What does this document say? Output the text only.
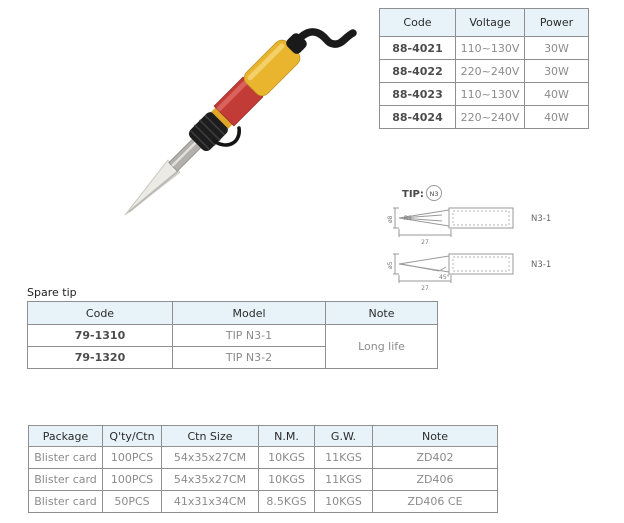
Code	Voltage	Power
88-4021	110~130V	30W
88-4022	220~240V	30W
88-4023	110~130V	40W
88-4024	220~240V	40W
TIP: N3
ø8 R1
27
N3-1
ø5
45°
27
N3-1
Spare tip
Code	Model	Note
79-1310	TIP N3-1	Long life
79-1320	TIP N3-2	
Package	Q'ty/Ctn	Ctn Size	N.M.	G.W.	Note
Blister card	100PCS	54x35x27CM	10KGS	11KGS	ZD402
Blister card	100PCS	54x35x27CM	10KGS	11KGS	ZD406
Blister card	50PCS	41x31x34CM	8.5KGS	10KGS	ZD406 CE
